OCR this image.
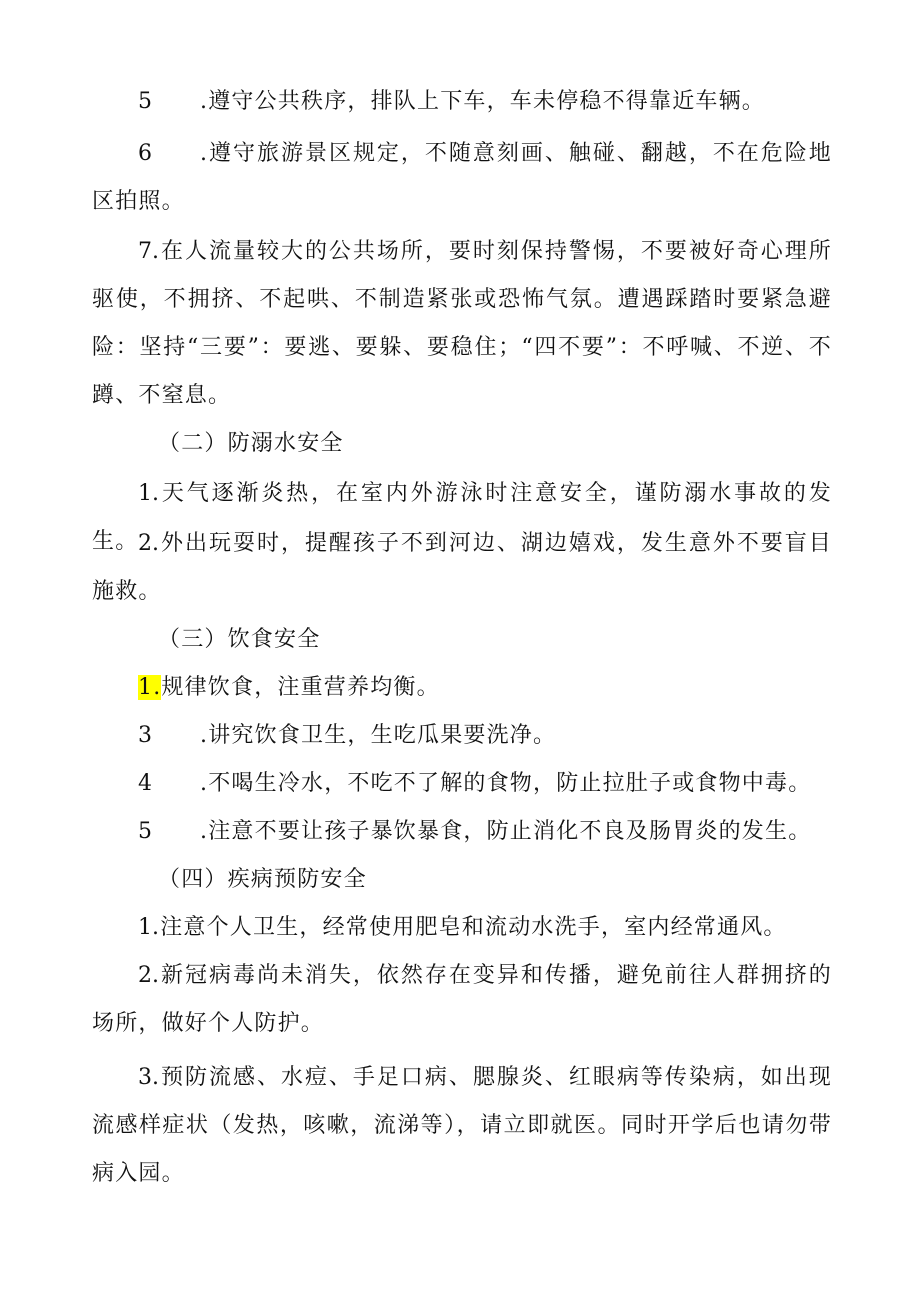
5 .遵守公共秩序，排队上下车，车未停稳不得靠近车辆。

6 .遵守旅游景区规定，不随意刻画、触碰、翻越，不在危险地区拍照。

7.在人流量较大的公共场所，要时刻保持警惕，不要被好奇心理所驱使，不拥挤、不起哄、不制造紧张或恐怖气氛。遭遇踩踏时要紧急避险：坚持“三要”：要逃、要躲、要稳住；“四不要”：不呼喊、不逆、不蹲、不窒息。

（二）防溺水安全

1.天气逐渐炎热，在室内外游泳时注意安全，谨防溺水事故的发生。 2.外出玩耍时，提醒孩子不到河边、湖边嬉戏，发生意外不要盲目施救。

（三）饮食安全

1.规律饮食，注重营养均衡。

3 .讲究饮食卫生，生吃瓜果要洗净。

4 .不喝生冷水，不吃不了解的食物，防止拉肚子或食物中毒。

5 .注意不要让孩子暴饮暴食，防止消化不良及肠胃炎的发生。

（四）疾病预防安全

1.注意个人卫生，经常使用肥皂和流动水洗手，室内经常通风。

2.新冠病毒尚未消失，依然存在变异和传播，避免前往人群拥挤的场所，做好个人防护。

3.预防流感、水痘、手足口病、腮腺炎、红眼病等传染病，如出现流感样症状（发热，咳嗽，流涕等），请立即就医。同时开学后也请勿带病入园。
